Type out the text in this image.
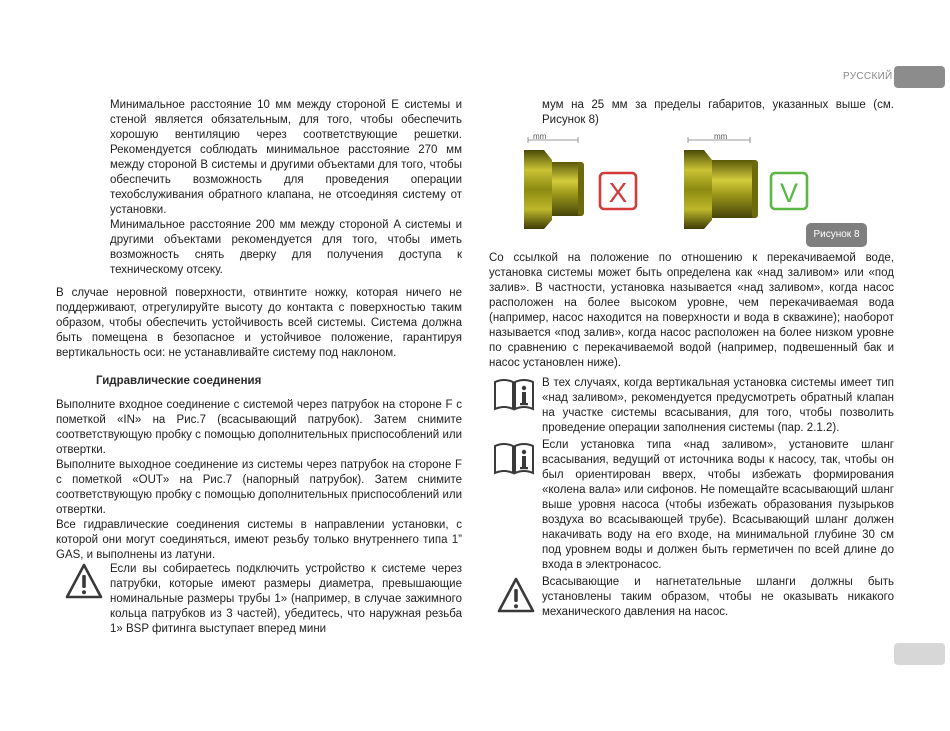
РУССКИЙ

Минимальное расстояние 10 мм между стороной E системы и стеной является обязательным, для того, чтобы обеспечить хорошую вентиляцию через соответствующие решетки. Рекомендуется соблюдать минимальное расстояние 270 мм между стороной B системы и другими объектами для того, чтобы обеспечить возможность для проведения операции техобслуживания обратного клапана, не отсоединяя систему от установки.

Минимальное расстояние 200 мм между стороной A системы и другими объектами рекомендуется для того, чтобы иметь возможность снять дверку для получения доступа к техническому отсеку.

В случае неровной поверхности, отвинтите ножку, которая ничего не поддерживают, отрегулируйте высоту до контакта с поверхностью таким образом, чтобы обеспечить устойчивость всей системы. Система должна быть помещена в безопасное и устойчивое положение, гарантируя вертикальность оси: не устанавливайте систему под наклоном.

Гидравлические соединения

Выполните входное соединение с системой через патрубок на стороне F с пометкой «IN» на Рис.7 (всасывающий патрубок). Затем снимите соответствующую пробку с помощью дополнительных приспособлений или отвертки.

Выполните выходное соединение из системы через патрубок на стороне F с пометкой «OUT» на Рис.7 (напорный патрубок). Затем снимите соответствующую пробку с помощью дополнительных приспособлений или отвертки.

Все гидравлические соединения системы в направлении установки, с которой они могут соединяться, имеют резьбу только внутреннего типа 1” GAS, и выполнены из латуни.

Если вы собираетесь подключить устройство к системе через патрубки, которые имеют размеры диаметра, превышающие номинальные размеры трубы 1» (например, в случае зажимного кольца патрубков из 3 частей), убедитесь, что наружная резьба 1» BSP фитинга выступает вперед мини

мум на 25 мм за пределы габаритов, указанных выше (см. Рисунок 8)

mm
X
mm
V
Рисунок 8

Со ссылкой на положение по отношению к перекачиваемой воде, установка системы может быть определена как «над заливом» или «под залив». В частности, установка называется «над заливом», когда насос расположен на более высоком уровне, чем перекачиваемая вода (например, насос находится на поверхности и вода в скважине); наоборот называется «под залив», когда насос расположен на более низком уровне по сравнению с перекачиваемой водой (например, подвешенный бак и насос установлен ниже).

В тех случаях, когда вертикальная установка системы имеет тип «над заливом», рекомендуется предусмотреть обратный клапан на участке системы всасывания, для того, чтобы позволить проведение операции заполнения системы (пар. 2.1.2).

Если установка типа «над заливом», установите шланг всасывания, ведущий от источника воды к насосу, так, чтобы он был ориентирован вверх, чтобы избежать формирования «колена вала» или сифонов. Не помещайте всасывающий шланг выше уровня насоса (чтобы избежать образования пузырьков воздуха во всасывающей трубе). Всасывающий шланг должен накачивать воду на его входе, на минимальной глубине 30 см под уровнем воды и должен быть герметичен по всей длине до входа в электронасос.

Всасывающие и нагнетательные шланги должны быть установлены таким образом, чтобы не оказывать никакого механического давления на насос.
